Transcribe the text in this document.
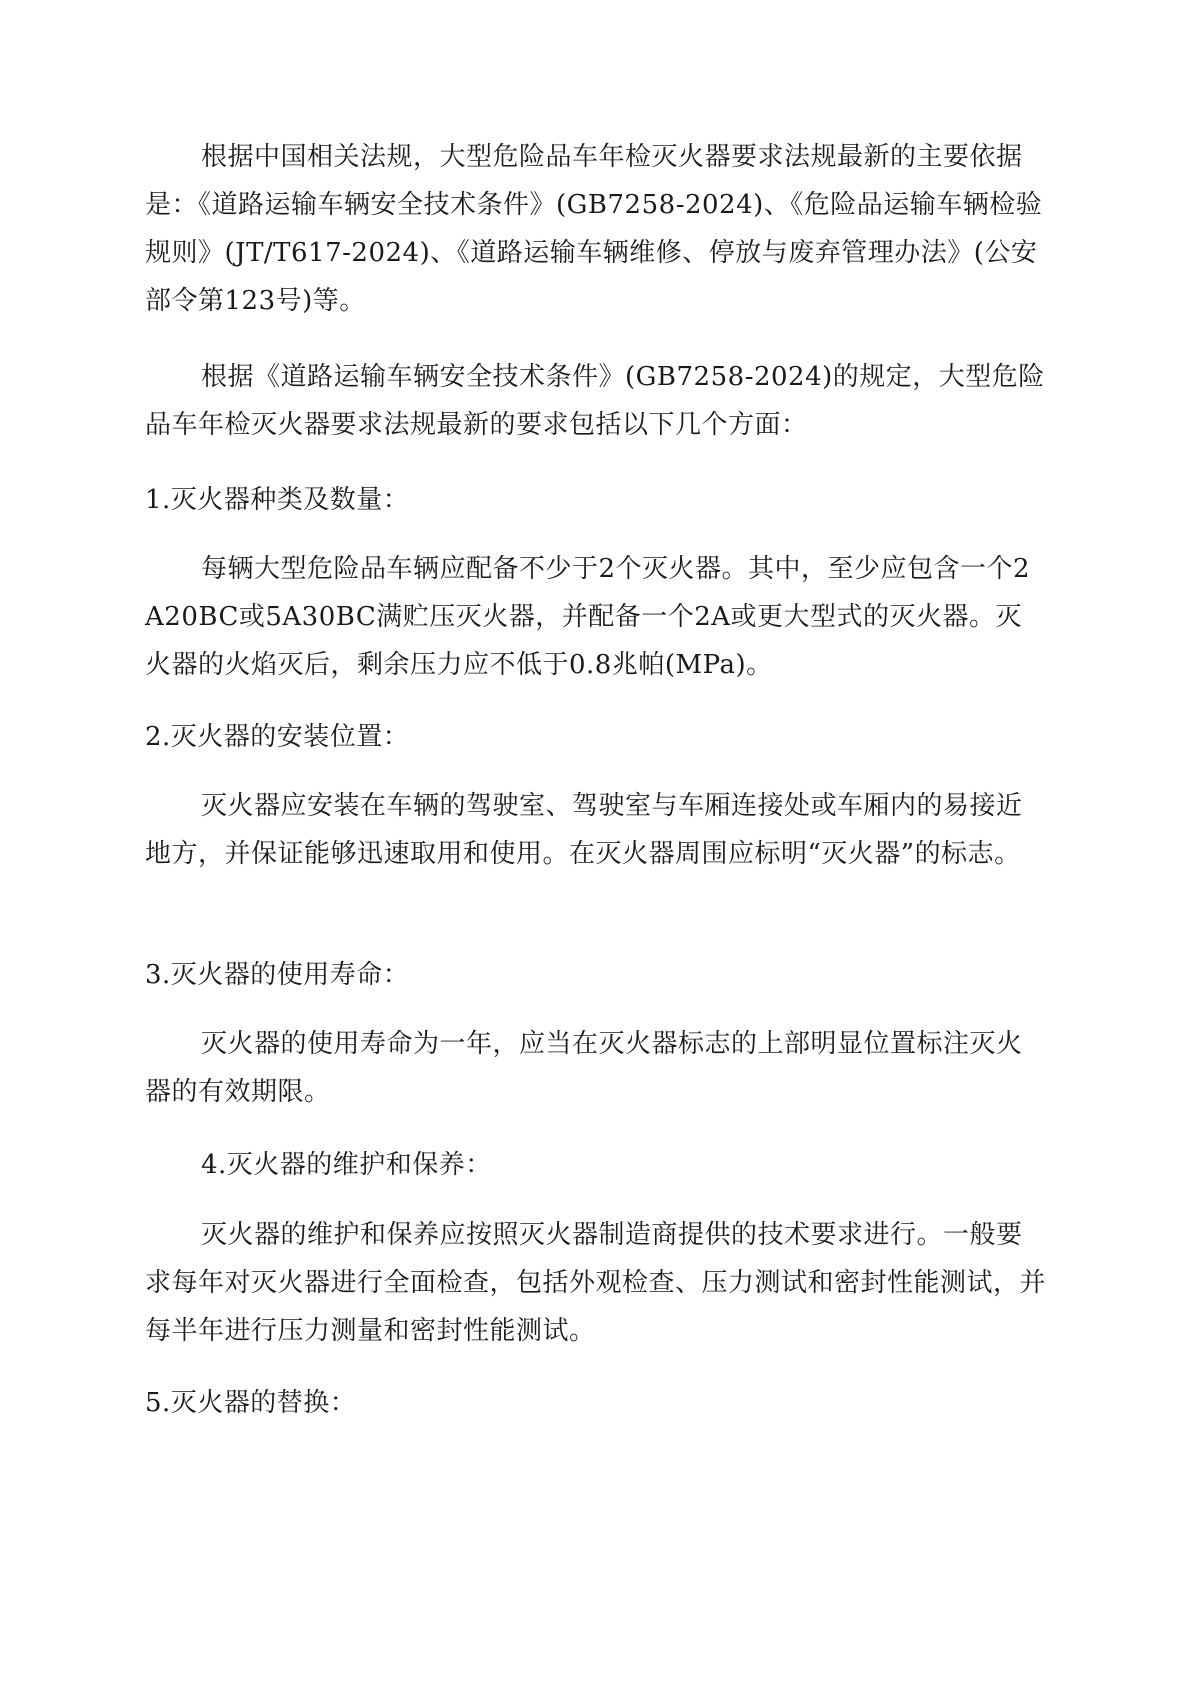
根据中国相关法规，大型危险品车年检灭火器要求法规最新的主要依据是：《道路运输车辆安全技术条件》(GB7258-2024)、《危险品运输车辆检验规则》(JT/T617-2024)、《道路运输车辆维修、停放与废弃管理办法》(公安部令第123号)等。

根据《道路运输车辆安全技术条件》(GB7258-2024)的规定，大型危险品车年检灭火器要求法规最新的要求包括以下几个方面：

1.灭火器种类及数量：

每辆大型危险品车辆应配备不少于2个灭火器。其中，至少应包含一个2A20BC或5A30BC满贮压灭火器，并配备一个2A或更大型式的灭火器。灭火器的火焰灭后，剩余压力应不低于0.8兆帕(MPa)。

2.灭火器的安装位置：

灭火器应安装在车辆的驾驶室、驾驶室与车厢连接处或车厢内的易接近地方，并保证能够迅速取用和使用。在灭火器周围应标明“灭火器”的标志。

3.灭火器的使用寿命：

灭火器的使用寿命为一年，应当在灭火器标志的上部明显位置标注灭火器的有效期限。

4.灭火器的维护和保养：

灭火器的维护和保养应按照灭火器制造商提供的技术要求进行。一般要求每年对灭火器进行全面检查，包括外观检查、压力测试和密封性能测试，并每半年进行压力测量和密封性能测试。

5.灭火器的替换：
